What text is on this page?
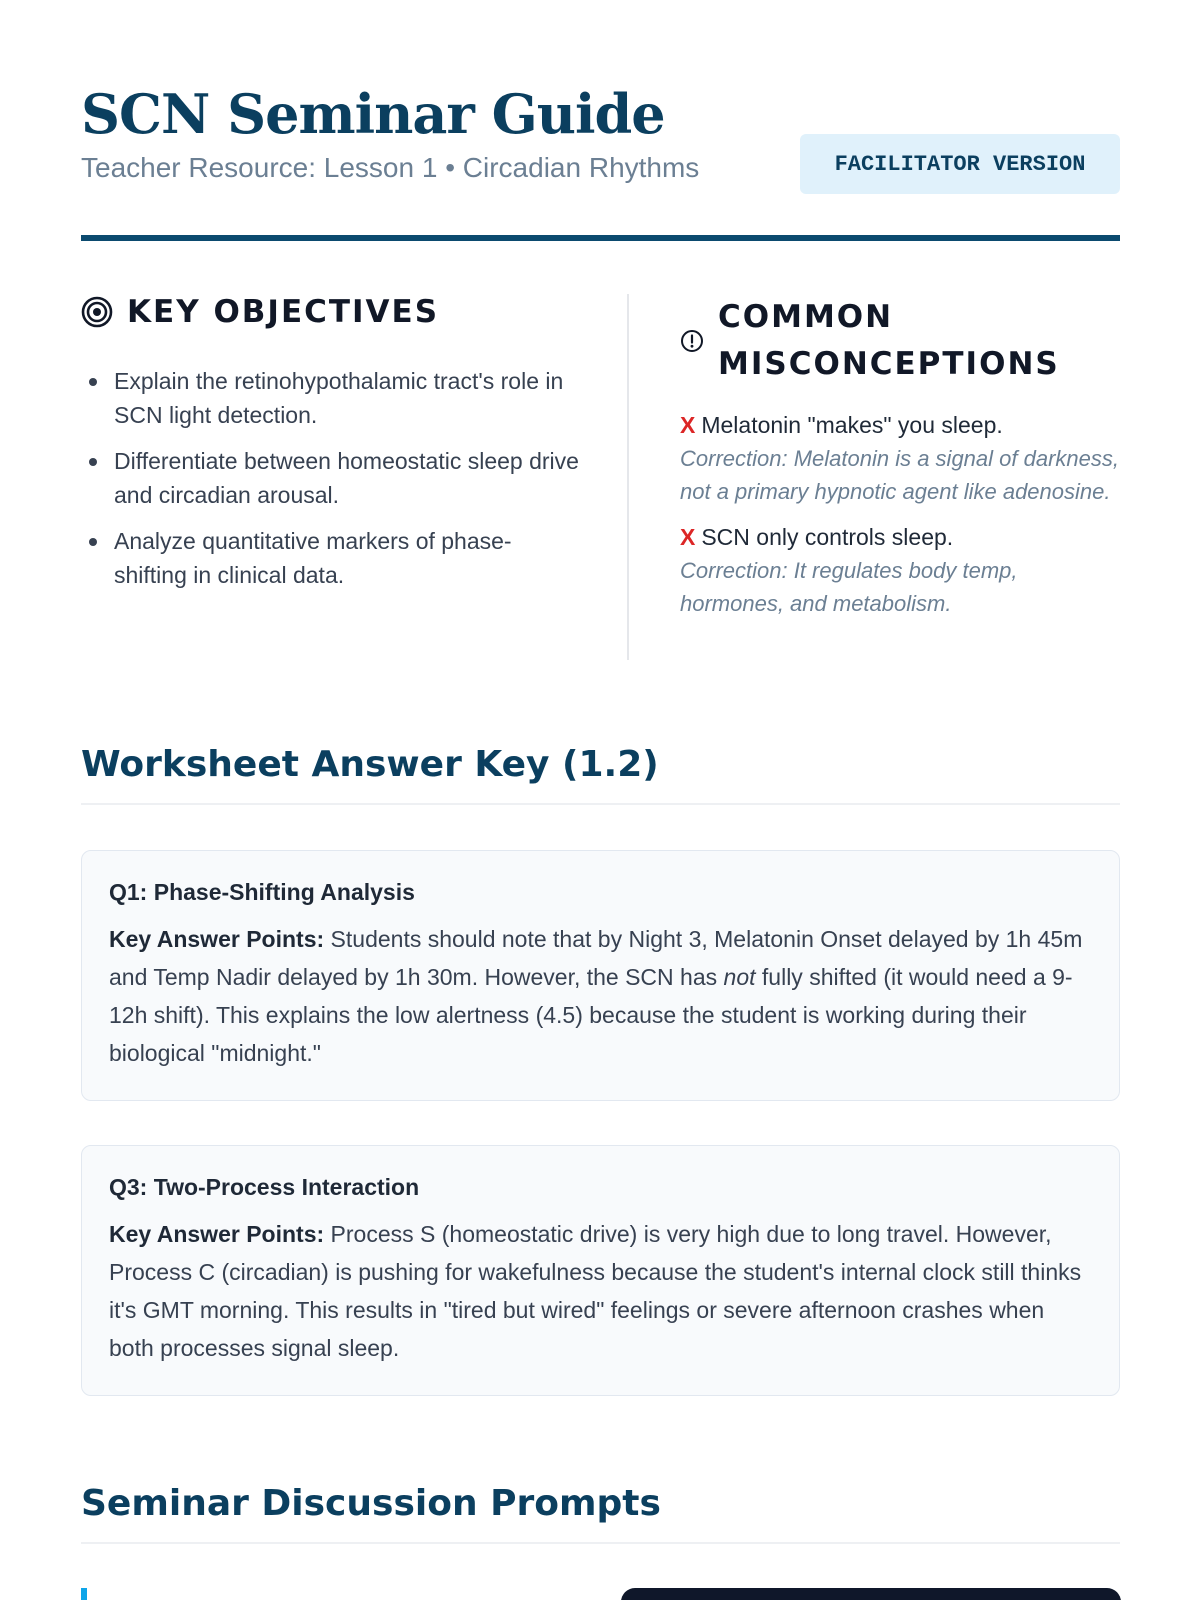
SCN Seminar Guide
Teacher Resource: Lesson 1 • Circadian Rhythms	FACILITATOR VERSION
KEY OBJECTIVES
Explain the retinohypothalamic tract's role in SCN light detection.
Differentiate between homeostatic sleep drive and circadian arousal.
Analyze quantitative markers of phase-shifting in clinical data.
COMMON
MISCONCEPTIONS
X Melatonin "makes" you sleep.
Correction: Melatonin is a signal of darkness, not a primary hypnotic agent like adenosine.
X SCN only controls sleep.
Correction: It regulates body temp, hormones, and metabolism.
Worksheet Answer Key (1.2)
Q1: Phase-Shifting Analysis
Key Answer Points: Students should note that by Night 3, Melatonin Onset delayed by 1h 45m and Temp Nadir delayed by 1h 30m. However, the SCN has not fully shifted (it would need a 9-12h shift). This explains the low alertness (4.5) because the student is working during their biological "midnight."
Q3: Two-Process Interaction
Key Answer Points: Process S (homeostatic drive) is very high due to long travel. However, Process C (circadian) is pushing for wakefulness because the student's internal clock still thinks it's GMT morning. This results in "tired but wired" feelings or severe afternoon crashes when both processes signal sleep.
Seminar Discussion Prompts
